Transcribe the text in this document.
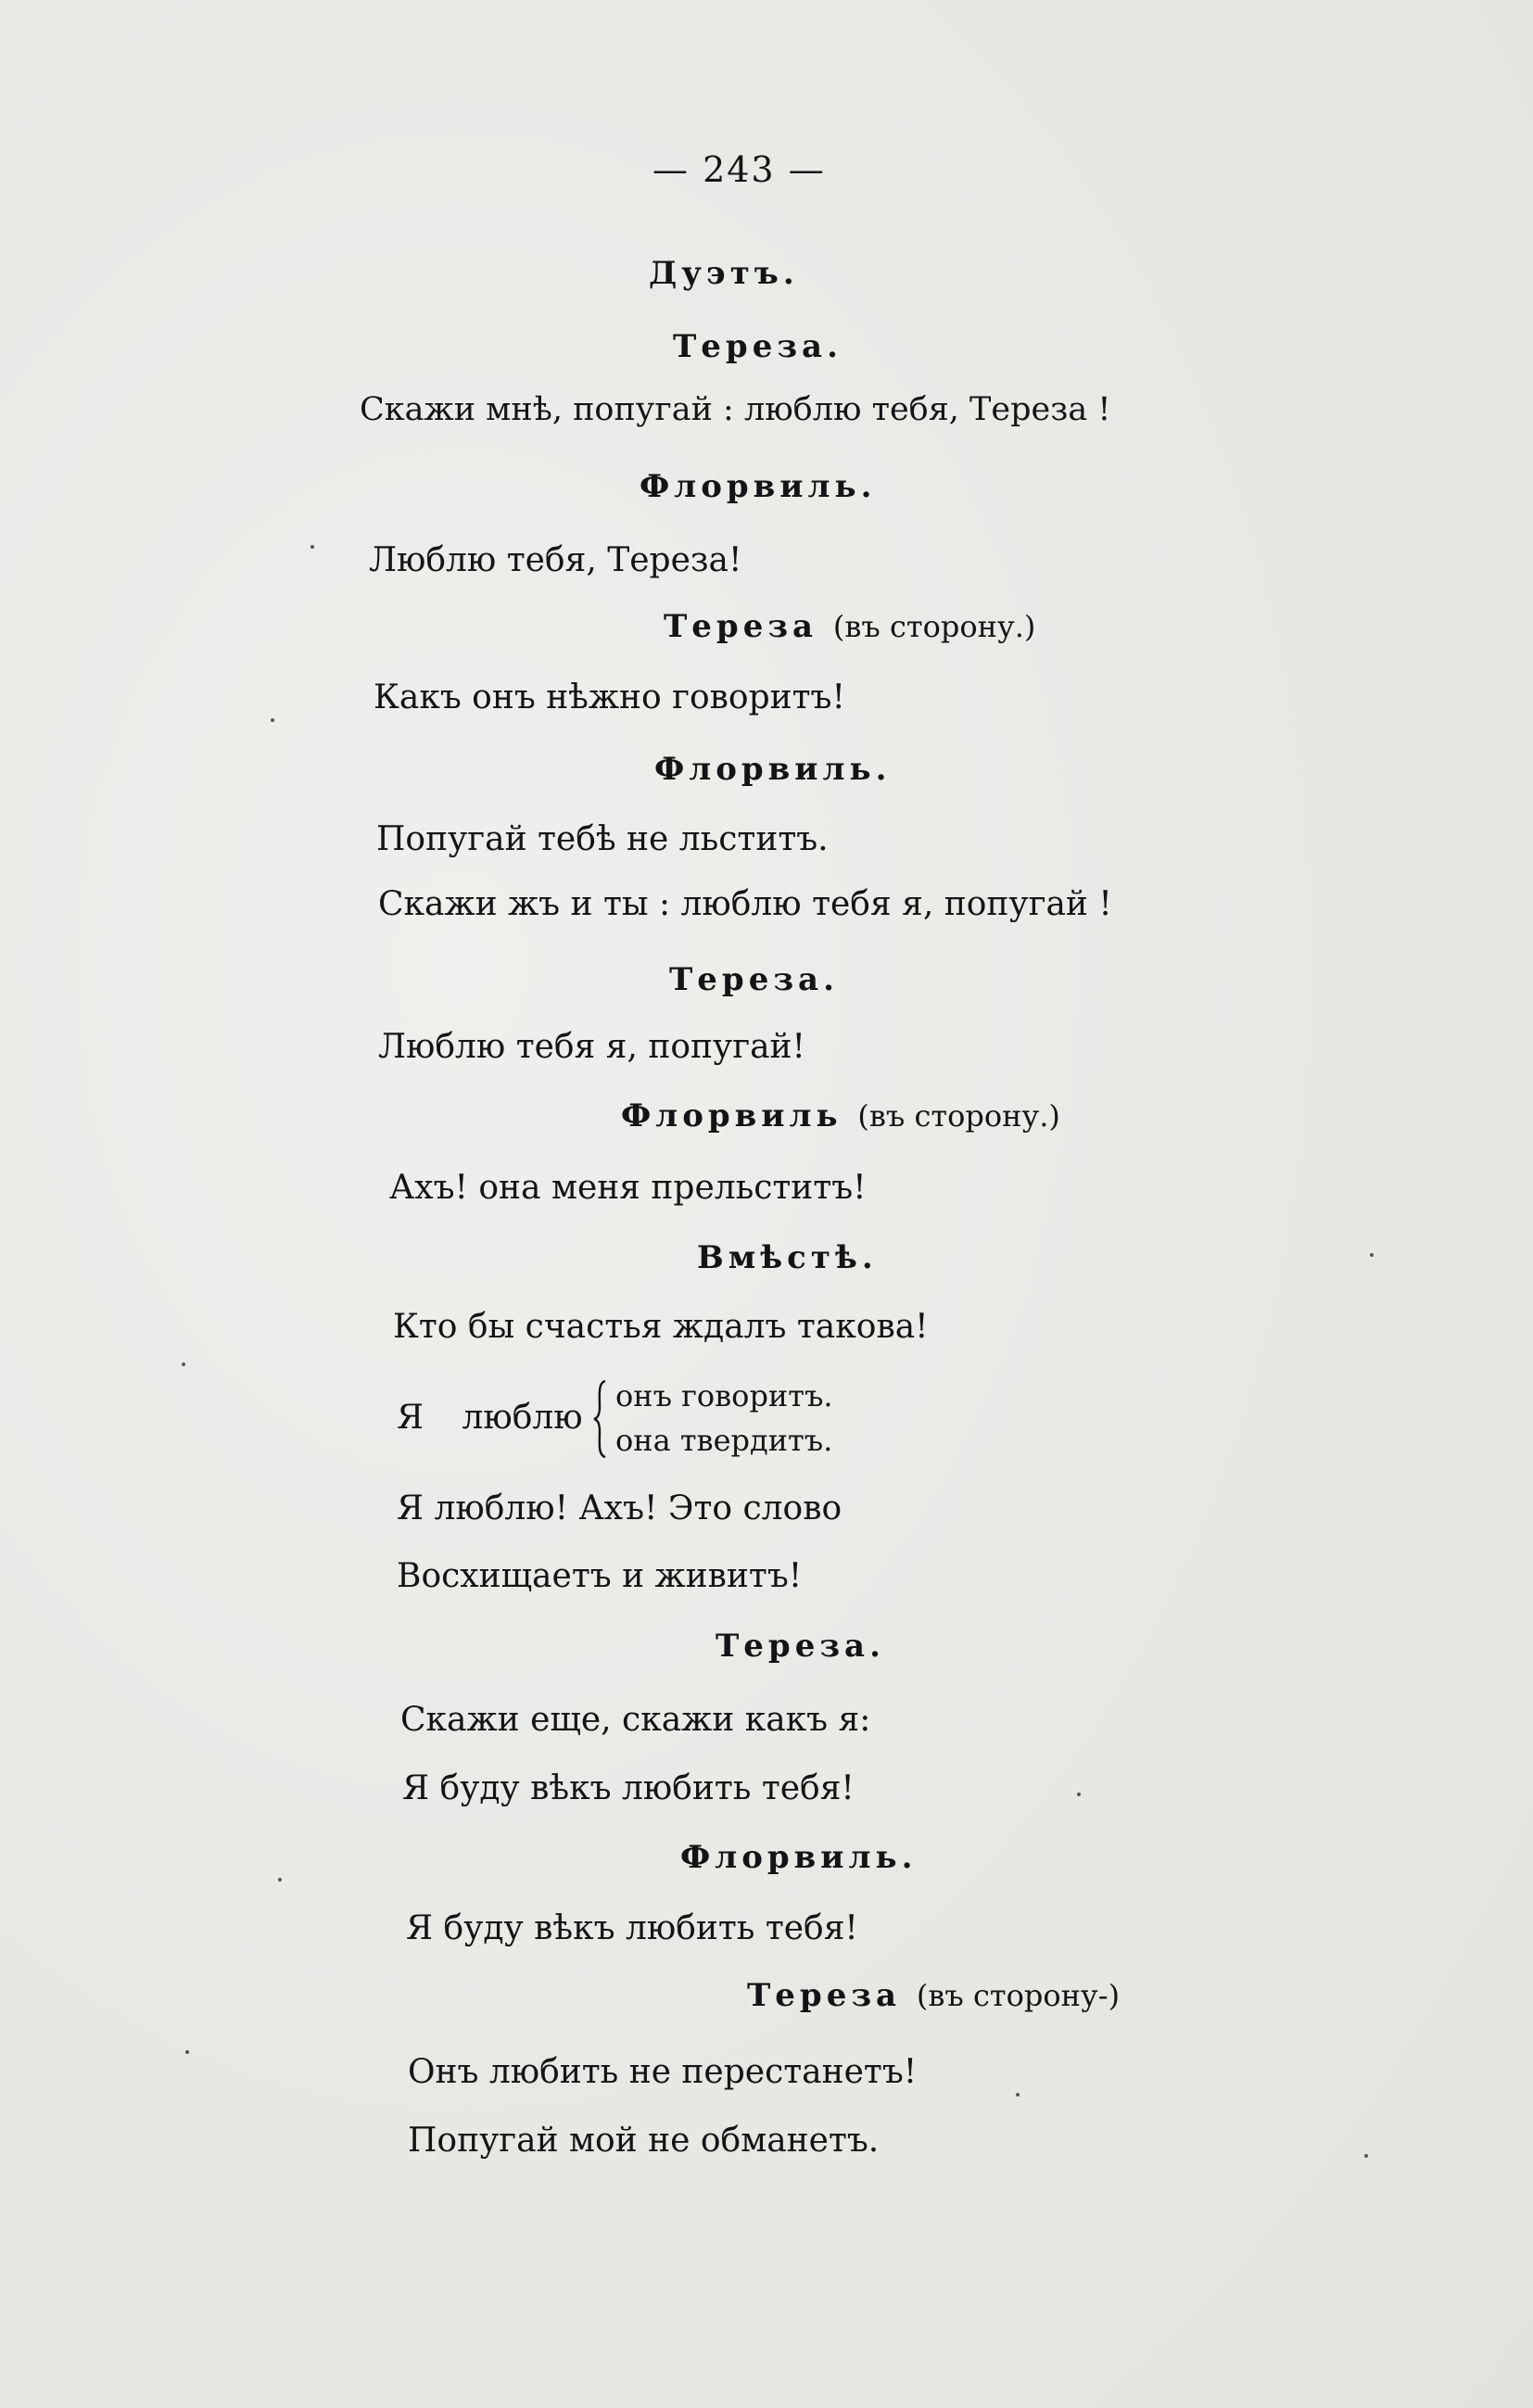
— 243 —
Дуэтъ.
Тереза.
Скажи мнѣ, попугай : люблю тебя, Тереза !
Флорвиль.
Люблю тебя, Тереза!
Тереза (въ сторону.)
Какъ онъ нѣжно говоритъ!
Флорвиль.
Попугай тебѣ не льститъ.
Скажи жъ и ты : люблю тебя я, попугай !
Тереза.
Люблю тебя я, попугай!
Флорвиль (въ сторону.)
Ахъ! она меня прельститъ!
Вмѣстѣ.
Кто бы счастья ждалъ такова!
Я люблю
онъ говоритъ.
она твердитъ.
Я люблю! Ахъ! Это слово
Восхищаетъ и живитъ!
Тереза.
Скажи еще, скажи какъ я:
Я буду вѣкъ любить тебя!
Флорвиль.
Я буду вѣкъ любить тебя!
Тереза (въ сторону-)
Онъ любить не перестанетъ!
Попугай мой не обманетъ.
